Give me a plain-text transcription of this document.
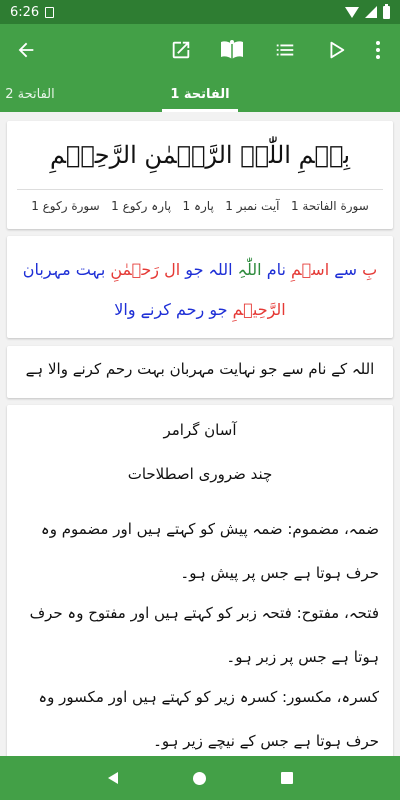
6:26
الفاتحة 2	الفاتحة 1
بِسۡمِ اللّٰہِ الرَّحۡمٰنِ الرَّحِیۡمِ
سورة الفاتحة 1   آیت نمبر 1   پارہ 1   پارہ رکوع 1   سورة رکوع 1
بِ سے اسۡمِ نام اللّٰہِ اللہ جو ال رَحۡمٰنِ بہت مہربان الرَّحِیۡمِ جو رحم کرنے والا
اللہ کے نام سے جو نہایت مہربان بہت رحم کرنے والا ہے
آسان گرامر
چند ضروری اصطلاحات
ضمہ، مضموم: ضمہ پیش کو کہتے ہیں اور مضموم وہ حرف ہوتا ہے جس پر پیش ہو۔
فتحہ، مفتوح: فتحہ زبر کو کہتے ہیں اور مفتوح وہ حرف ہوتا ہے جس پر زبر ہو۔
کسرہ، مکسور: کسرہ زیر کو کہتے ہیں اور مکسور وہ حرف ہوتا ہے جس کے نیچے زیر ہو۔
